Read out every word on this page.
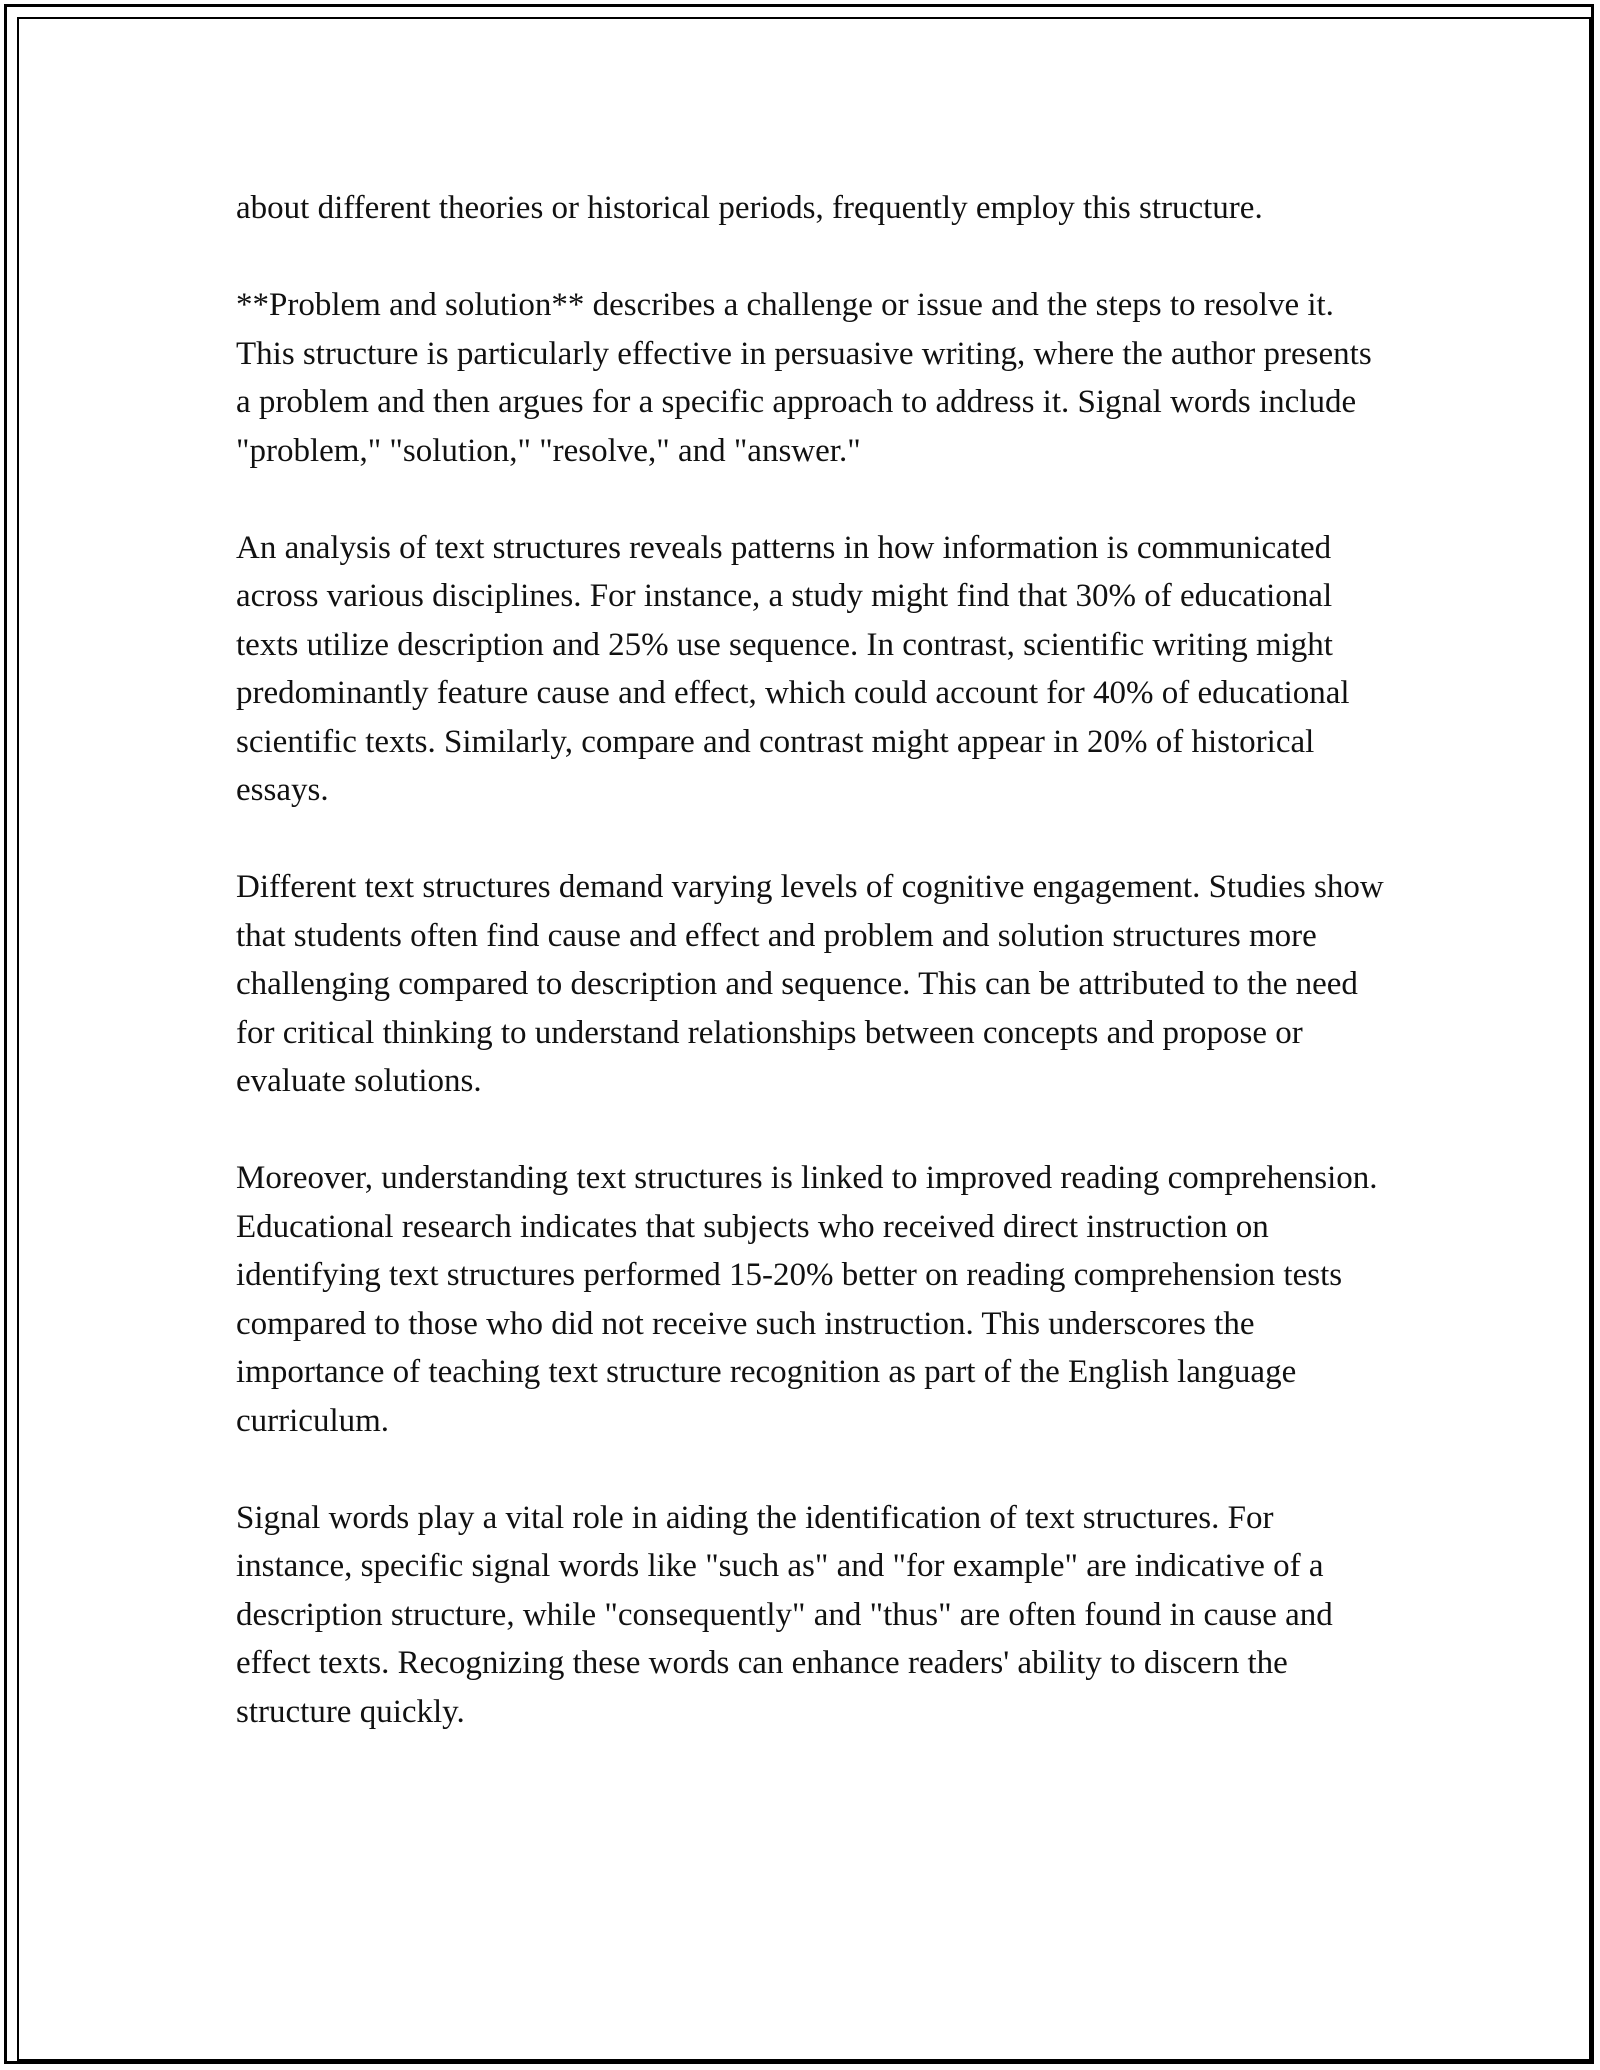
about different theories or historical periods, frequently employ this structure.

**Problem and solution** describes a challenge or issue and the steps to resolve it. This structure is particularly effective in persuasive writing, where the author presents a problem and then argues for a specific approach to address it. Signal words include "problem," "solution," "resolve," and "answer."

An analysis of text structures reveals patterns in how information is communicated across various disciplines. For instance, a study might find that 30% of educational texts utilize description and 25% use sequence. In contrast, scientific writing might predominantly feature cause and effect, which could account for 40% of educational scientific texts. Similarly, compare and contrast might appear in 20% of historical essays.

Different text structures demand varying levels of cognitive engagement. Studies show that students often find cause and effect and problem and solution structures more challenging compared to description and sequence. This can be attributed to the need for critical thinking to understand relationships between concepts and propose or evaluate solutions.

Moreover, understanding text structures is linked to improved reading comprehension. Educational research indicates that subjects who received direct instruction on identifying text structures performed 15-20% better on reading comprehension tests compared to those who did not receive such instruction. This underscores the importance of teaching text structure recognition as part of the English language curriculum.

Signal words play a vital role in aiding the identification of text structures. For instance, specific signal words like "such as" and "for example" are indicative of a description structure, while "consequently" and "thus" are often found in cause and effect texts. Recognizing these words can enhance readers' ability to discern the structure quickly.
